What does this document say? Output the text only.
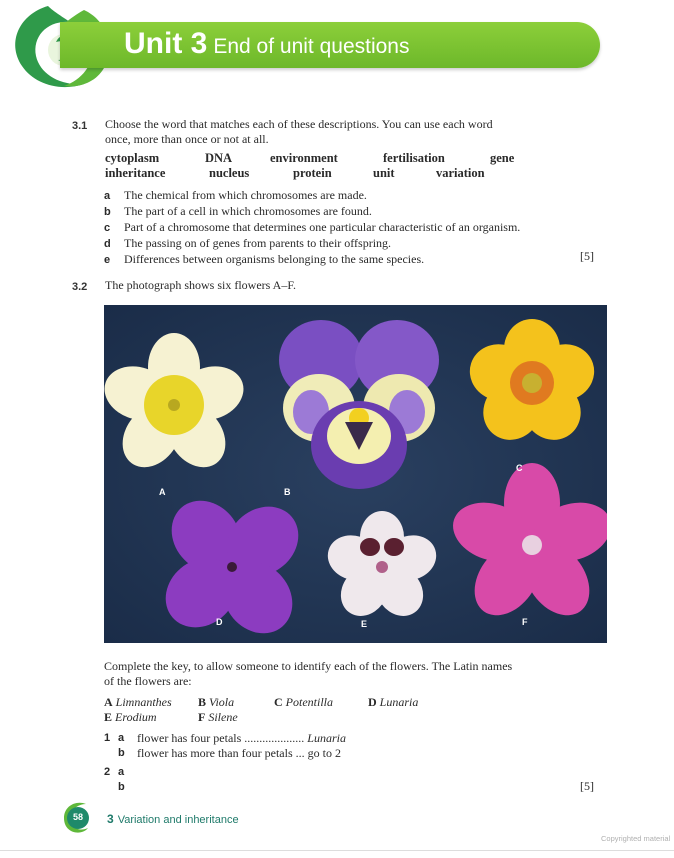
Unit 3 End of unit questions
3.1 Choose the word that matches each of these descriptions. You can use each word
once, more than once or not at all.
cytoplasm	DNA	environment	fertilisation	gene
inheritance	nucleus	protein	unit	variation
a The chemical from which chromosomes are made.
b The part of a cell in which chromosomes are found.
c Part of a chromosome that determines one particular characteristic of an organism.
d The passing on of genes from parents to their offspring.
e Differences between organisms belonging to the same species.	[5]
3.2 The photograph shows six flowers A–F.
A	B
C
D	E	F
Complete the key, to allow someone to identify each of the flowers. The Latin names
of the flowers are:
A Limnanthes B Viola	C Potentilla	D Lunaria
E Erodium	F Silene
1 a	flower has four petals .................... Lunaria
b	flower has more than four petals ... go to 2
2 a
b	[5]
58	3 Variation and inheritance
Copyrighted material
